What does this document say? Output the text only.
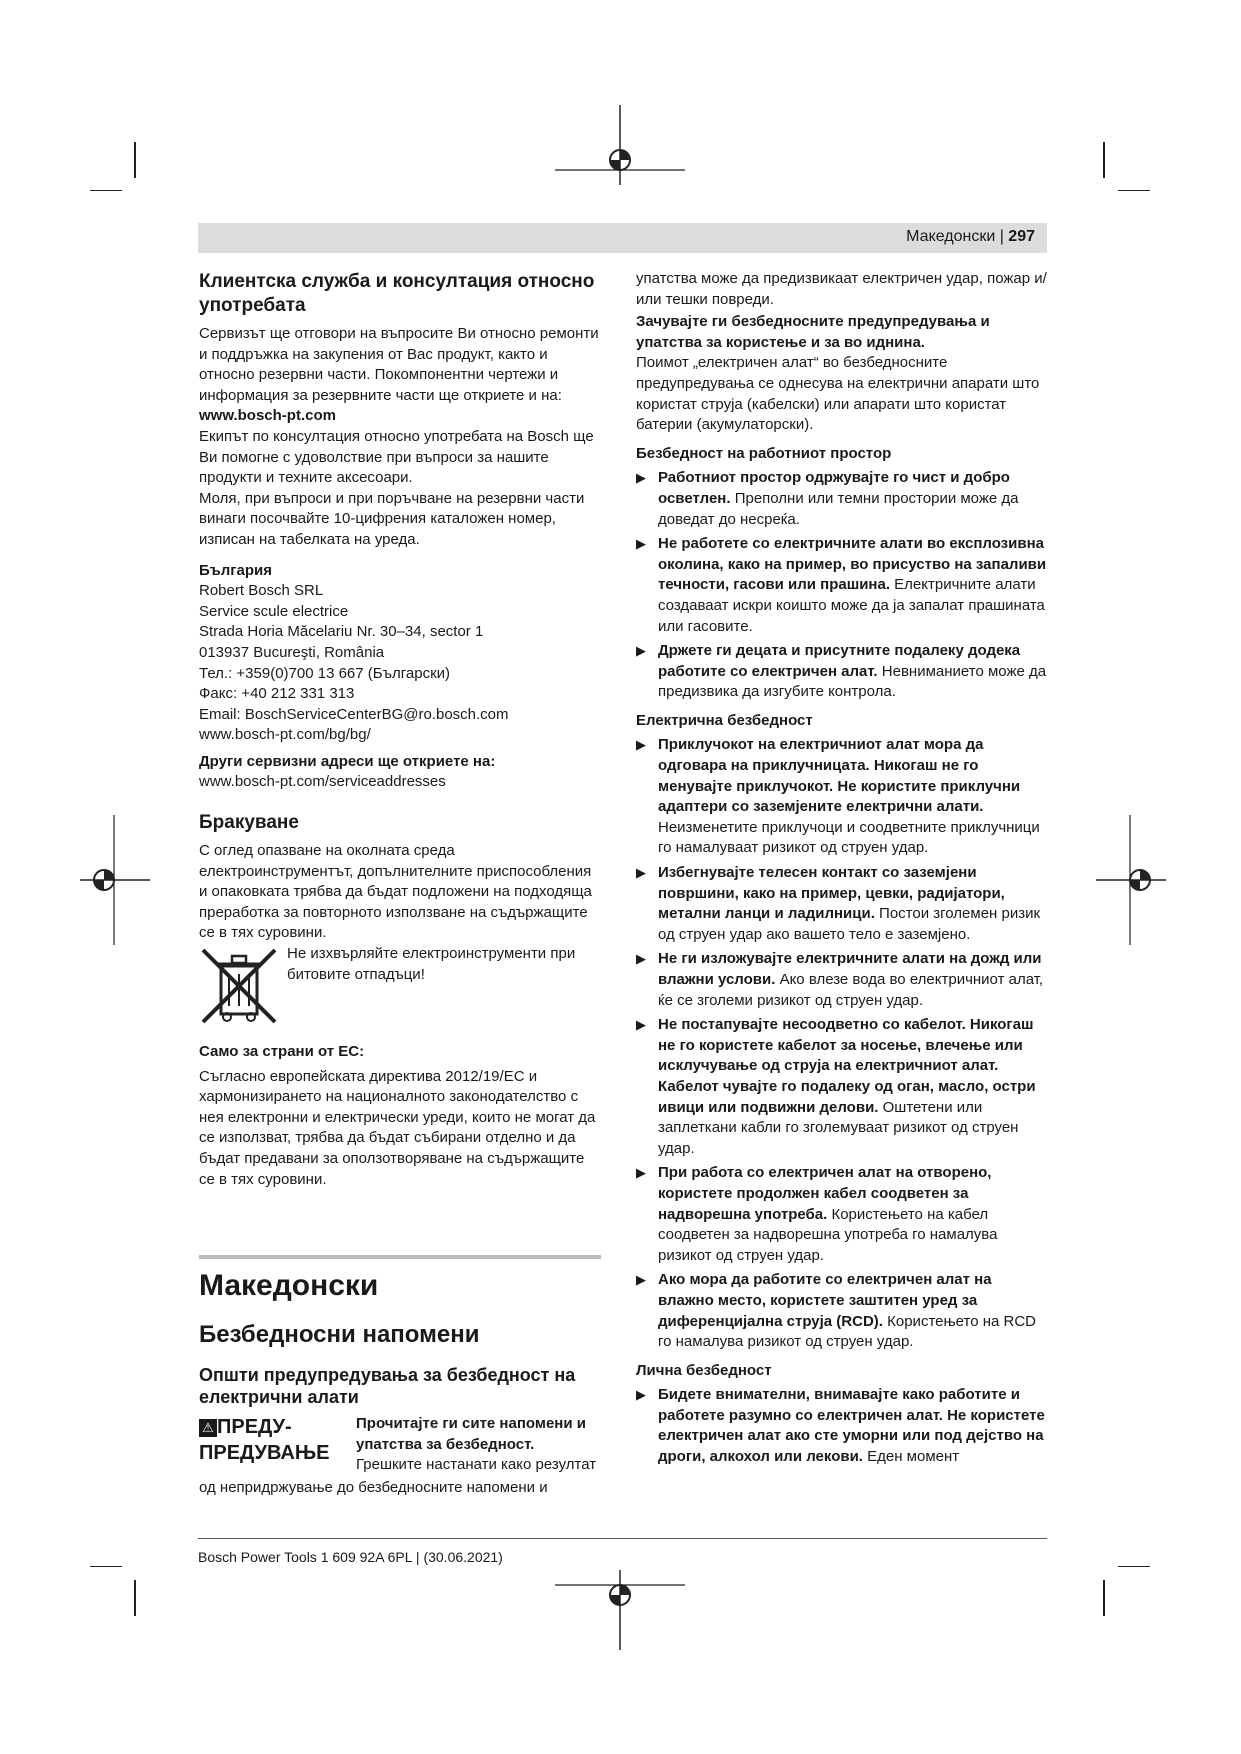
Македонски | 297

Клиентска служба и консултация относно употребата

Сервизът ще отговори на въпросите Ви относно ремонти и поддръжка на закупения от Вас продукт, както и относно резервни части. Покомпонентни чертежи и информация за резервните части ще откриете и на:

www.bosch-pt.com

Екипът по консултация относно употребата на Bosch ще Ви помогне с удоволствие при въпроси за нашите продукти и техните аксесоари.

Моля, при въпроси и при поръчване на резервни части винаги посочвайте 10-цифрения каталожен номер, изписан на табелката на уреда.

България

Robert Bosch SRL

Service scule electrice

Strada Horia Măcelariu Nr. 30–34, sector 1

013937 Bucureşti, România

Тел.: +359(0)700 13 667 (Български)

Факс: +40 212 331 313

Email: BoschServiceCenterBG@ro.bosch.com

www.bosch-pt.com/bg/bg/

Други сервизни адреси ще откриете на:

www.bosch-pt.com/serviceaddresses

Бракуване

С оглед опазване на околната среда електроинструментът, допълнителните приспособления и опаковката трябва да бъдат подложени на подходяща преработка за повторното използване на съдържащите се в тях суровини.

Не изхвърляйте електроинструменти при битовите отпадъци!

Само за страни от ЕС:

Съгласно европейската директива 2012/19/ЕС и хармонизирането на националното законодателство с нея електронни и електрически уреди, които не могат да се използват, трябва да бъдат събирани отделно и да бъдат предавани за оползотворяване на съдържащите се в тях суровини.

Македонски

Безбедносни напомени

Општи предупредувања за безбедност на електрични алати

⚠ ПРЕДУ-
ПРЕДУВАЊЕ

Прочитајте ги сите напомени и упатства за безбедност.

Грешките настанати како резултат

од непридржување до безбедносните напомени и

упатства може да предизвикаат електричен удар, пожар и/или тешки повреди.

Зачувајте ги безбедносните предупредувања и упатства за користење и за во иднина.

Поимот „електричен алат“ во безбедносните предупредувања се однесува на електрични апарати што користат струја (кабелски) или апарати што користат батерии (акумулаторски).

Безбедност на работниот простор

▶ Работниот простор одржувајте го чист и добро осветлен. Преполни или темни простории може да доведат до несреќа.
▶ Не работете со електричните алати во експлозивна околина, како на пример, во присуство на запаливи течности, гасови или прашина. Електричните алати создаваат искри коишто може да ја запалат прашината или гасовите.
▶ Држете ги децата и присутните подалеку додека работите со електричен алат. Невниманието може да предизвика да изгубите контрола.

Електрична безбедност

▶ Приклучокот на електричниот алат мора да одговара на приклучницата. Никогаш не го менувајте приклучокот. Не користите приклучни адаптери со заземјените електрични алати. Неизменетите приклучоци и соодветните приклучници го намалуваат ризикот од струен удар.
▶ Избегнувајте телесен контакт со заземјени површини, како на пример, цевки, радијатори, метални ланци и ладилници. Постои зголемен ризик од струен удар ако вашето тело е заземјено.
▶ Не ги изложувајте електричните алати на дожд или влажни услови. Ако влезе вода во електричниот алат, ќе се зголеми ризикот од струен удар.
▶ Не постапувајте несоодветно со кабелот. Никогаш не го користете кабелот за носење, влечење или исклучување од струја на електричниот алат. Кабелот чувајте го подалеку од оган, масло, остри ивици или подвижни делови. Оштетени или заплеткани кабли го зголемуваат ризикот од струен удар.
▶ При работа со електричен алат на отворено, користете продолжен кабел соодветен за надворешна употреба. Користењето на кабел соодветен за надворешна употреба го намалува ризикот од струен удар.
▶ Ако мора да работите со електричен алат на влажно место, користете заштитен уред за диференцијална струја (RCD). Користењето на RCD го намалува ризикот од струен удар.

Лична безбедност

▶ Бидете внимателни, внимавајте како работите и работете разумно со електричен алат. Не користете електричен алат ако сте уморни или под дејство на дроги, алкохол или лекови. Еден момент
Bosch Power Tools 1 609 92A 6PL | (30.06.2021)
